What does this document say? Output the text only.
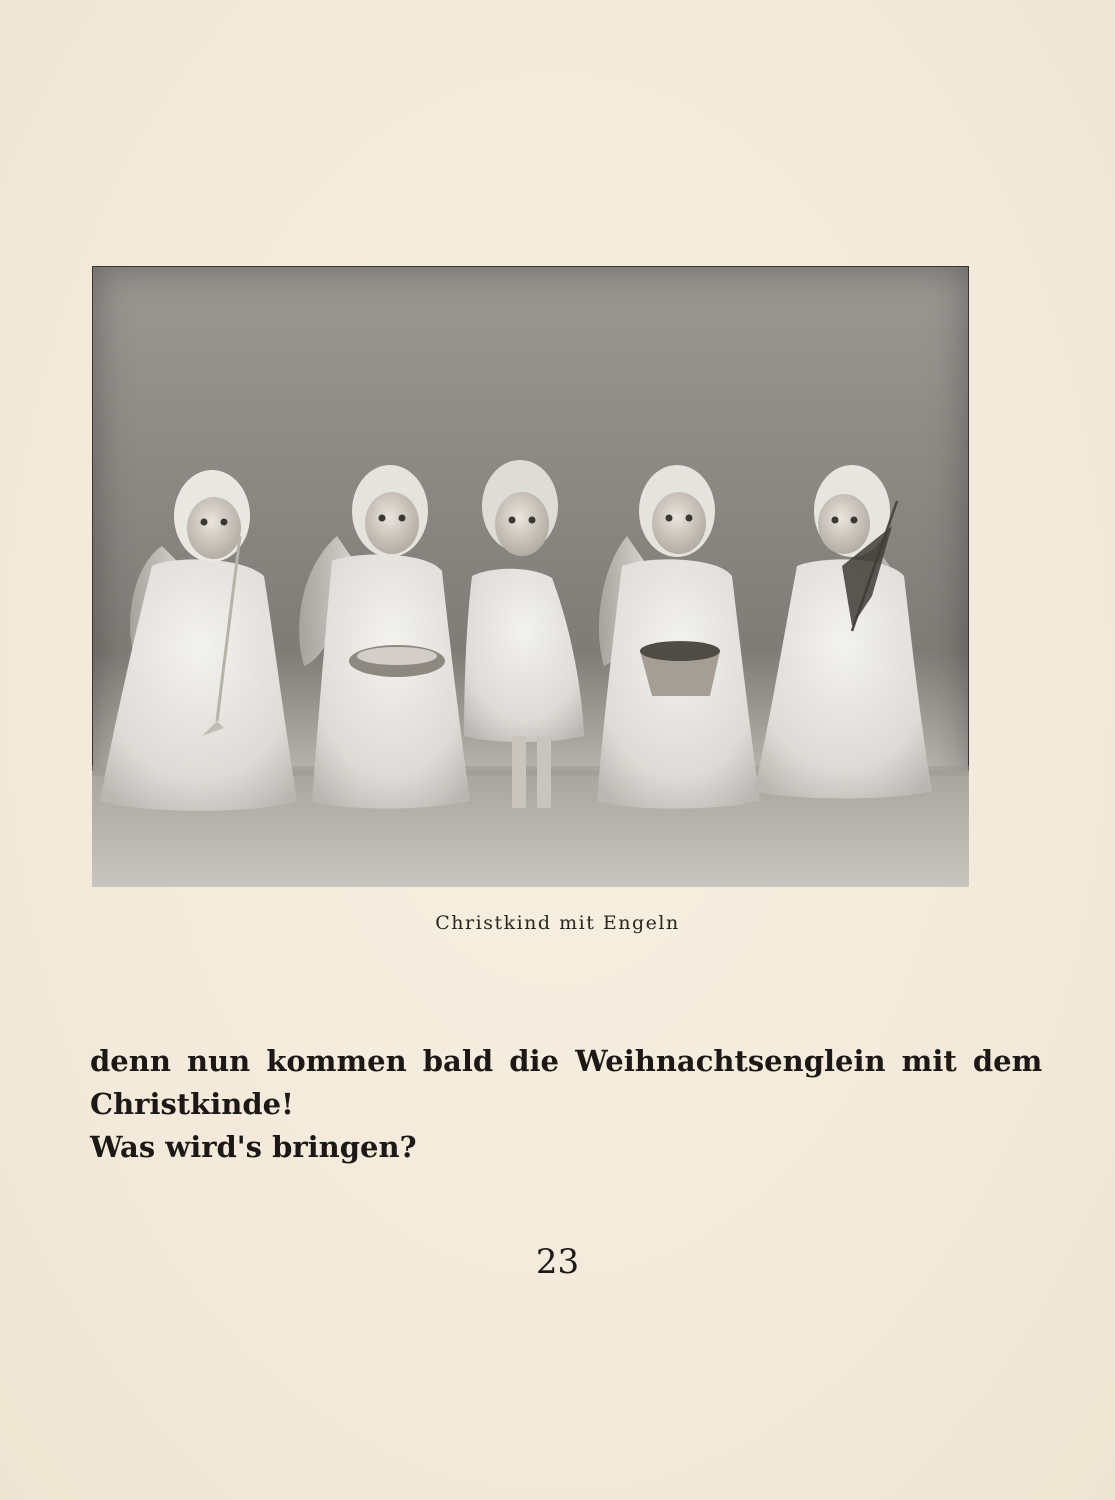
Christkind mit Engeln
denn nun kommen bald die Weihnachtsenglein mit dem
Christkinde!
Was wird's bringen?
23
